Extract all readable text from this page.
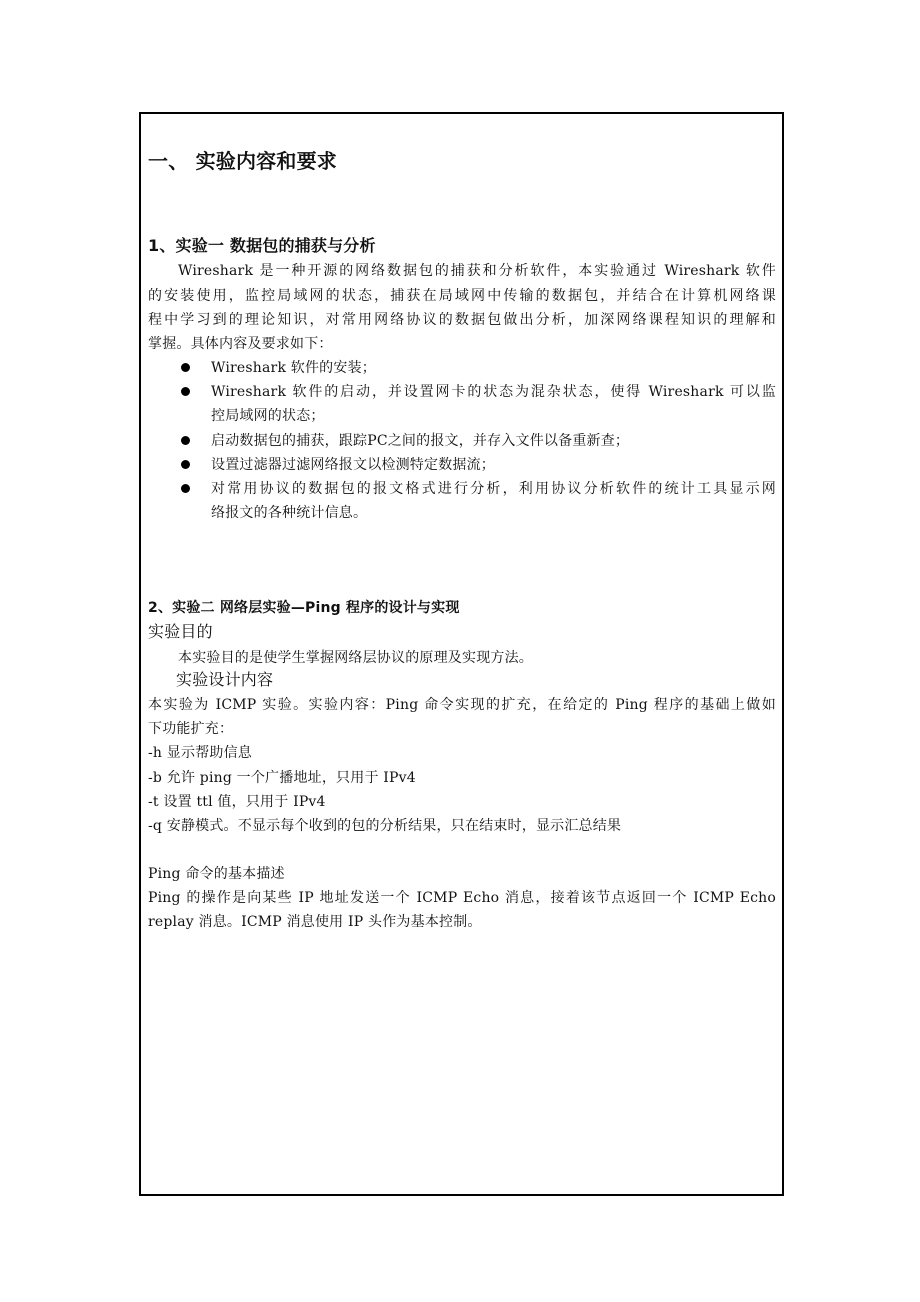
一、 实验内容和要求
1、实验一 数据包的捕获与分析
Wireshark 是一种开源的网络数据包的捕获和分析软件，本实验通过 Wireshark 软件
的安装使用，监控局域网的状态，捕获在局域网中传输的数据包，并结合在计算机网络课
程中学习到的理论知识，对常用网络协议的数据包做出分析，加深网络课程知识的理解和
掌握。具体内容及要求如下：
Wireshark 软件的安装；
Wireshark 软件的启动，并设置网卡的状态为混杂状态，使得 Wireshark 可以监
控局域网的状态；
启动数据包的捕获，跟踪PC之间的报文，并存入文件以备重新查；
设置过滤器过滤网络报文以检测特定数据流；
对常用协议的数据包的报文格式进行分析，利用协议分析软件的统计工具显示网
络报文的各种统计信息。
2、实验二 网络层实验—Ping 程序的设计与实现
实验目的
本实验目的是使学生掌握网络层协议的原理及实现方法。
实验设计内容
本实验为 ICMP 实验。实验内容：Ping 命令实现的扩充，在给定的 Ping 程序的基础上做如
下功能扩充：
-h 显示帮助信息
-b 允许 ping 一个广播地址，只用于 IPv4
-t 设置 ttl 值，只用于 IPv4
-q 安静模式。不显示每个收到的包的分析结果，只在结束时，显示汇总结果
Ping 命令的基本描述
Ping 的操作是向某些 IP 地址发送一个 ICMP Echo 消息，接着该节点返回一个 ICMP Echo
replay 消息。ICMP 消息使用 IP 头作为基本控制。
